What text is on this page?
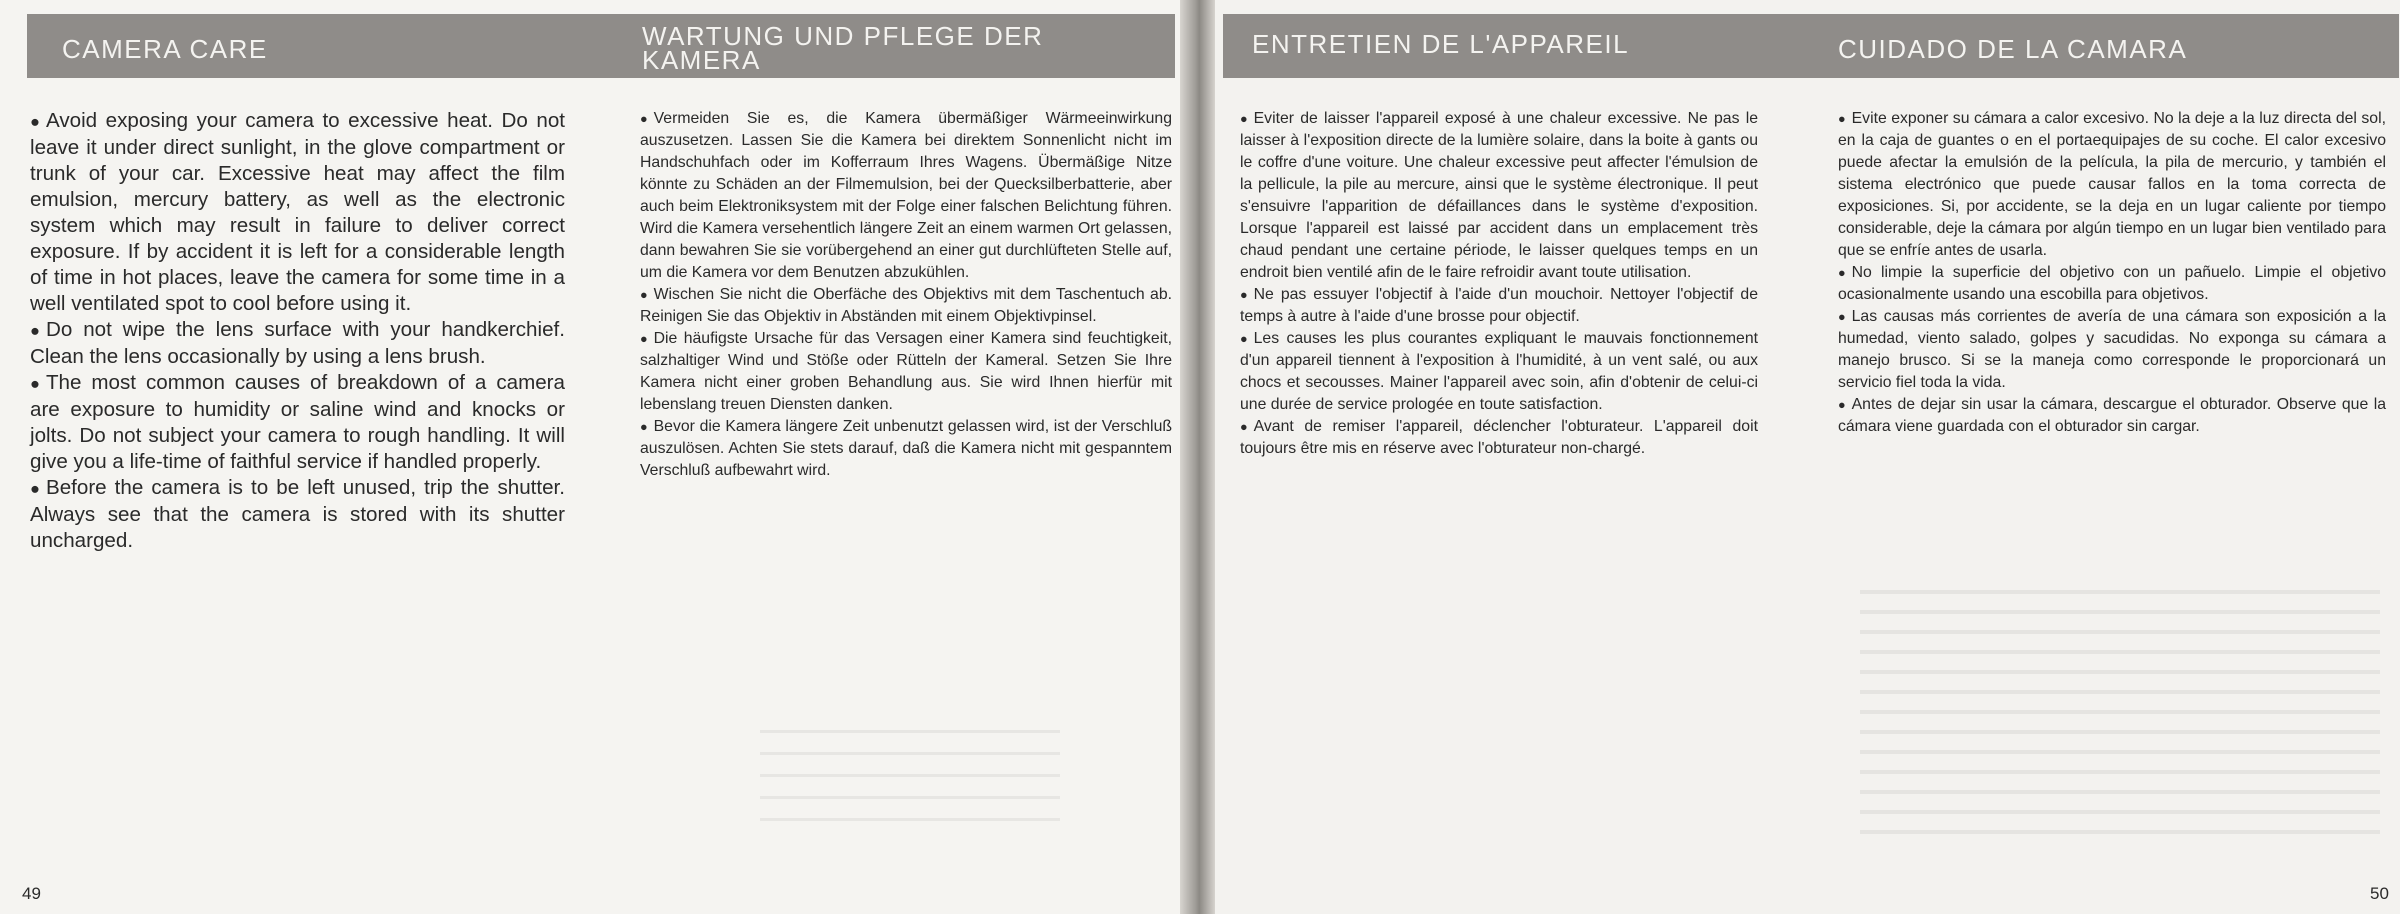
CAMERA CARE	WARTUNG UND PFLEGE DER
KAMERA
ENTRETIEN DE L'APPAREIL	CUIDADO DE LA CAMARA

● Avoid exposing your camera to excessive heat. Do not leave it under direct sunlight, in the glove compartment or trunk of your car. Excessive heat may affect the film emulsion, mercury battery, as well as the electronic system which may result in failure to deliver correct exposure. If by accident it is left for a considerable length of time in hot places, leave the camera for some time in a well ventilated spot to cool before using it.

● Do not wipe the lens surface with your handkerchief. Clean the lens occasionally by using a lens brush.

● The most common causes of breakdown of a camera are exposure to humidity or saline wind and knocks or jolts. Do not subject your camera to rough handling. It will give you a life-time of faithful service if handled properly.

● Before the camera is to be left unused, trip the shutter. Always see that the camera is stored with its shutter uncharged.

● Vermeiden Sie es, die Kamera übermäßiger Wärmeeinwirkung auszusetzen. Lassen Sie die Kamera bei direktem Sonnenlicht nicht im Handschuhfach oder im Kofferraum Ihres Wagens. Übermäßige Nitze könnte zu Schäden an der Filmemulsion, bei der Quecksilberbatterie, aber auch beim Elektroniksystem mit der Folge einer falschen Belichtung führen. Wird die Kamera versehentlich längere Zeit an einem warmen Ort gelassen, dann bewahren Sie sie vorübergehend an einer gut durchlüfteten Stelle auf, um die Kamera vor dem Benutzen abzukühlen.

● Wischen Sie nicht die Oberfäche des Objektivs mit dem Taschentuch ab. Reinigen Sie das Objektiv in Abständen mit einem Objektivpinsel.

● Die häufigste Ursache für das Versagen einer Kamera sind feuchtigkeit, salzhaltiger Wind und Stöße oder Rütteln der Kameral. Setzen Sie Ihre Kamera nicht einer groben Behandlung aus. Sie wird Ihnen hierfür mit lebenslang treuen Diensten danken.

● Bevor die Kamera längere Zeit unbenutzt gelassen wird, ist der Verschluß auszulösen. Achten Sie stets darauf, daß die Kamera nicht mit gespanntem Verschluß aufbewahrt wird.

● Eviter de laisser l'appareil exposé à une chaleur excessive. Ne pas le laisser à l'exposition directe de la lumière solaire, dans la boite à gants ou le coffre d'une voiture. Une chaleur excessive peut affecter l'émulsion de la pellicule, la pile au mercure, ainsi que le système électronique. Il peut s'ensuivre l'apparition de défaillances dans le système d'exposition. Lorsque l'appareil est laissé par accident dans un emplacement très chaud pendant une certaine période, le laisser quelques temps en un endroit bien ventilé afin de le faire refroidir avant toute utilisation.

● Ne pas essuyer l'objectif à l'aide d'un mouchoir. Nettoyer l'objectif de temps à autre à l'aide d'une brosse pour objectif.

● Les causes les plus courantes expliquant le mauvais fonctionnement d'un appareil tiennent à l'exposition à l'humidité, à un vent salé, ou aux chocs et secousses. Mainer l'appareil avec soin, afin d'obtenir de celui-ci une durée de service prologée en toute satisfaction.

● Avant de remiser l'appareil, déclencher l'obturateur. L'appareil doit toujours être mis en réserve avec l'obturateur non-chargé.

● Evite exponer su cámara a calor excesivo. No la deje a la luz directa del sol, en la caja de guantes o en el portaequipajes de su coche. El calor excesivo puede afectar la emulsión de la película, la pila de mercurio, y también el sistema electrónico que puede causar fallos en la toma correcta de exposiciones. Si, por accidente, se la deja en un lugar caliente por tiempo considerable, deje la cámara por algún tiempo en un lugar bien ventilado para que se enfríe antes de usarla.

● No limpie la superficie del objetivo con un pañuelo. Limpie el objetivo ocasionalmente usando una escobilla para objetivos.

● Las causas más corrientes de avería de una cámara son exposición a la humedad, viento salado, golpes y sacudidas. No exponga su cámara a manejo brusco. Si se la maneja como corresponde le proporcionará un servicio fiel toda la vida.

● Antes de dejar sin usar la cámara, descargue el obturador. Observe que la cámara viene guardada con el obturador sin cargar.

49	50
